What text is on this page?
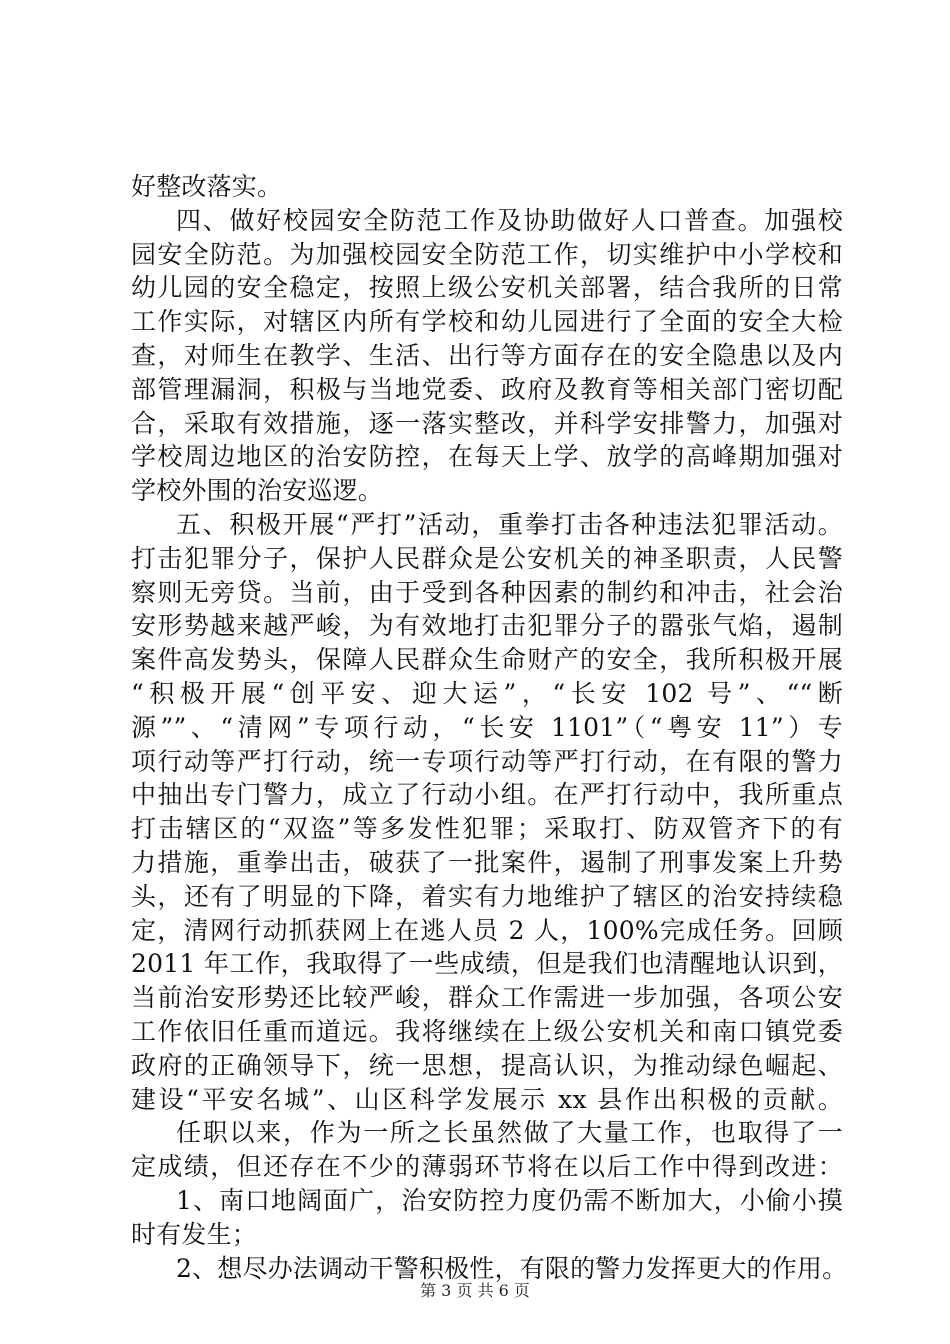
好整改落实。
四、做好校园安全防范工作及协助做好人口普查。加强校
园安全防范。为加强校园安全防范工作，切实维护中小学校和
幼儿园的安全稳定，按照上级公安机关部署，结合我所的日常
工作实际，对辖区内所有学校和幼儿园进行了全面的安全大检
查，对师生在教学、生活、出行等方面存在的安全隐患以及内
部管理漏洞，积极与当地党委、政府及教育等相关部门密切配
合，采取有效措施，逐一落实整改，并科学安排警力，加强对
学校周边地区的治安防控，在每天上学、放学的高峰期加强对
学校外围的治安巡逻。
五、积极开展“严打”活动，重拳打击各种违法犯罪活动。
打击犯罪分子，保护人民群众是公安机关的神圣职责，人民警
察则无旁贷。当前，由于受到各种因素的制约和冲击，社会治
安形势越来越严峻，为有效地打击犯罪分子的嚣张气焰，遏制
案件高发势头，保障人民群众生命财产的安全，我所积极开展
“积极开展“创平安、迎大运”，“长安 102 号”、““断
源””、“清网”专项行动，“长安 1101”（“粤安 11”）专
项行动等严打行动，统一专项行动等严打行动，在有限的警力
中抽出专门警力，成立了行动小组。在严打行动中，我所重点
打击辖区的“双盗”等多发性犯罪；采取打、防双管齐下的有
力措施，重拳出击，破获了一批案件，遏制了刑事发案上升势
头，还有了明显的下降，着实有力地维护了辖区的治安持续稳
定，清网行动抓获网上在逃人员 2 人，100%完成任务。回顾
2011 年工作，我取得了一些成绩，但是我们也清醒地认识到，
当前治安形势还比较严峻，群众工作需进一步加强，各项公安
工作依旧任重而道远。我将继续在上级公安机关和南口镇党委
政府的正确领导下，统一思想，提高认识，为推动绿色崛起、
建设“平安名城”、山区科学发展示 xx 县作出积极的贡献。
任职以来，作为一所之长虽然做了大量工作，也取得了一
定成绩，但还存在不少的薄弱环节将在以后工作中得到改进：
1、南口地阔面广，治安防控力度仍需不断加大，小偷小摸
时有发生；
2、想尽办法调动干警积极性，有限的警力发挥更大的作用。
第 3 页 共 6 页
